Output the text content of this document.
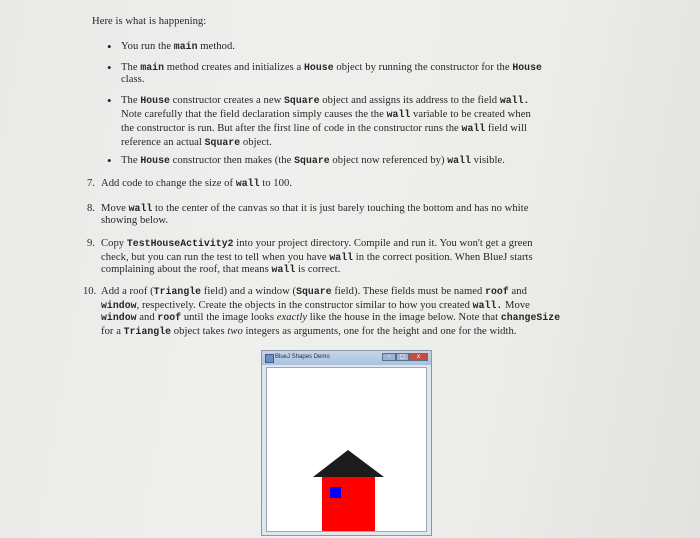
Here is what is happening:
• You run the main method.
• The main method creates and initializes a House object by running the constructor for the House
class.
• The House constructor creates a new Square object and assigns its address to the field wall.
Note carefully that the field declaration simply causes the the wall variable to be created when
the constructor is run. But after the first line of code in the constructor runs the wall field will
reference an actual Square object.
• The House constructor then makes (the Square object now referenced by) wall visible.
7. Add code to change the size of wall to 100.
8. Move wall to the center of the canvas so that it is just barely touching the bottom and has no white
showing below.
9. Copy TestHouseActivity2 into your project directory. Compile and run it. You won't get a green
check, but you can run the test to tell when you have wall in the correct position. When BlueJ starts
complaining about the roof, that means wall is correct.
10. Add a roof (Triangle field) and a window (Square field). These fields must be named roof and
window, respectively. Create the objects in the constructor similar to how you created wall. Move
window and roof until the image looks exactly like the house in the image below. Note that changeSize
for a Triangle object takes two integers as arguments, one for the height and one for the width.
BlueJ Shapes Demo	–	□	x
